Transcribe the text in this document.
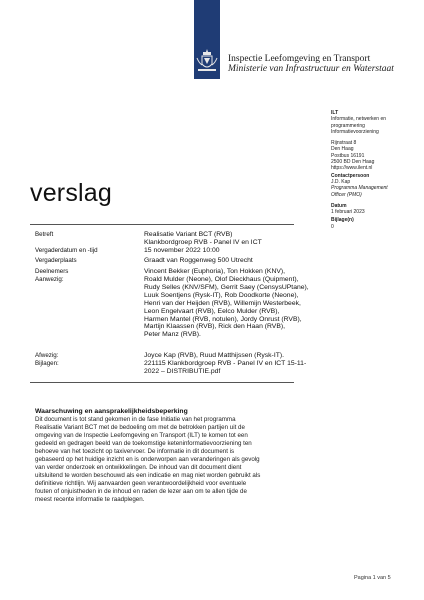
Inspectie Leefomgeving en Transport
Ministerie van Infrastructuur en Waterstaat
ILT
Informatie, netwerken en
programmering
Informatievoorziening
Rijnstraat 8
Den Haag
Postbus 16191
2500 BD Den Haag
https://www.ilent.nl
Contactpersoon
J.D. Kap
Programma Management
Officer (PMO)
Datum
1 februari 2023
Bijlage(n)
0
verslag
Betreft	Realisatie Variant BCT (RVB)
Klankbordgroep RVB - Panel IV en ICT
Vergaderdatum en -tijd	15 november 2022 10:00
Vergaderplaats	Graadt van Roggenweg 500 Utrecht
Deelnemers	Vincent Bekker (Euphoria), Ton Hokken (KNV),
Aanwezig:	Roald Mulder (Neone), Olof Dieckhaus (Quipment),
Rudy Selles (KNV/SFM), Gerrit Saey (CensysUPtane),
Luuk Soentjens (Rysk-IT), Rob Doodkorte (Neone),
Henri van der Heijden (RVB), Willemijn Westerbeek,
Leon Engelvaart (RVB), Eelco Mulder (RVB),
Harmen Mantel (RVB, notulen), Jordy Onrust (RVB),
Martijn Klaassen (RVB), Rick den Haan (RVB),
Peter Manz (RVB).
Afwezig:	Joyce Kap (RVB), Ruud Matthijssen (Rysk-IT).
Bijlagen:	221115 Klankbordgroep RVB - Panel IV en ICT 15-11-
2022 – DISTRIBUTIE.pdf
Waarschuwing en aansprakelijkheidsbeperking
Dit document is tot stand gekomen in de fase Initiatie van het programma
Realisatie Variant BCT met de bedoeling om met de betrokken partijen uit de
omgeving van de Inspectie Leefomgeving en Transport (ILT) te komen tot een
gedeeld en gedragen beeld van de toekomstige keteninformatievoorziening ten
behoeve van het toezicht op taxivervoer. De informatie in dit document is
gebaseerd op het huidige inzicht en is onderworpen aan veranderingen als gevolg
van verder onderzoek en ontwikkelingen. De inhoud van dit document dient
uitsluitend te worden beschouwd als een indicatie en mag niet worden gebruikt als
definitieve richtlijn. Wij aanvaarden geen verantwoordelijkheid voor eventuele
fouten of onjuistheden in de inhoud en raden de lezer aan om te allen tijde de
meest recente informatie te raadplegen.
Pagina 1 van 5
